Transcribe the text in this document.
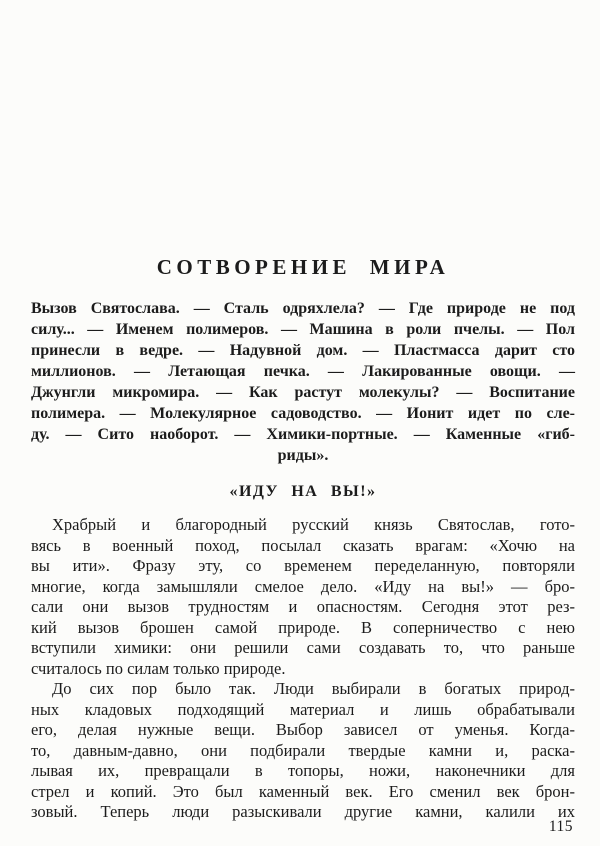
СОТВОРЕНИЕ МИРА
Вызов Святослава. — Сталь одряхлела? — Где природе не под
силу... — Именем полимеров. — Машина в роли пчелы. — Пол
принесли в ведре. — Надувной дом. — Пластмасса дарит сто
миллионов. — Летающая печка. — Лакированные овощи. —
Джунгли микромира. — Как растут молекулы? — Воспитание
полимера. — Молекулярное садоводство. — Ионит идет по сле-
ду. — Сито наоборот. — Химики-портные. — Каменные «гиб-
риды».
«ИДУ НА ВЫ!»
Храбрый и благородный русский князь Святослав, гото-
вясь в военный поход, посылал сказать врагам: «Хочю на
вы ити». Фразу эту, со временем переделанную, повторяли
многие, когда замышляли смелое дело. «Иду на вы!» — бро-
сали они вызов трудностям и опасностям. Сегодня этот рез-
кий вызов брошен самой природе. В соперничество с нею
вступили химики: они решили сами создавать то, что раньше
считалось по силам только природе.
До сих пор было так. Люди выбирали в богатых природ-
ных кладовых подходящий материал и лишь обрабатывали
его, делая нужные вещи. Выбор зависел от уменья. Когда-
то, давным-давно, они подбирали твердые камни и, раска-
лывая их, превращали в топоры, ножи, наконечники для
стрел и копий. Это был каменный век. Его сменил век брон-
зовый. Теперь люди разыскивали другие камни, калили их
115
